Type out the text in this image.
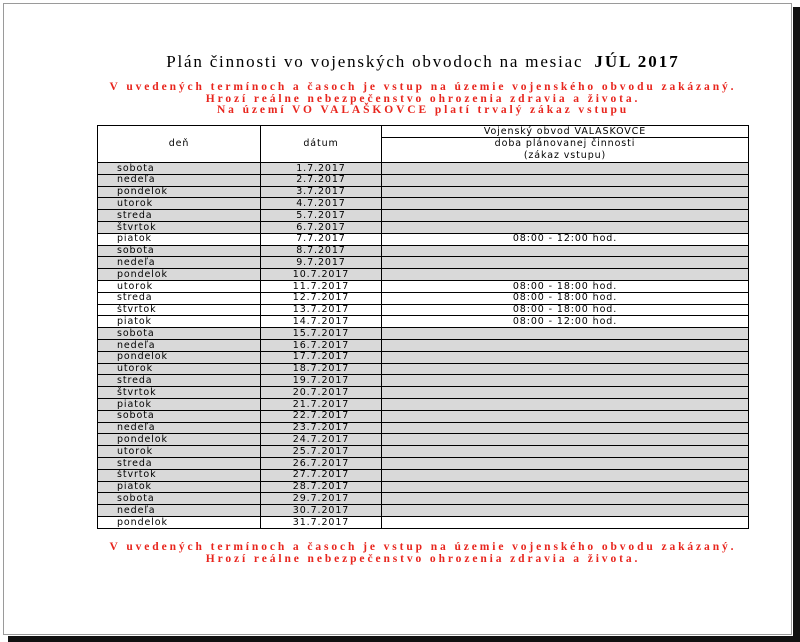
Plán činnosti vo vojenských obvodoch na mesiac JÚL 2017
V uvedených termínoch a časoch je vstup na územie vojenského obvodu zakázaný.
Hrozí reálne nebezpečenstvo ohrozenia zdravia a života.
Na území VO VALAŠKOVCE platí trvalý zákaz vstupu
deň	dátum
Vojenský obvod VALAŠKOVCE
doba plánovanej činnosti
(zákaz vstupu)
sobota	1.7.2017
nedeľa	2.7.2017
pondelok	3.7.2017
utorok	4.7.2017
streda	5.7.2017
štvrtok	6.7.2017
piatok	7.7.2017	08:00 - 12:00 hod.
sobota	8.7.2017
nedeľa	9.7.2017
pondelok	10.7.2017
utorok	11.7.2017	08:00 - 18:00 hod.
streda	12.7.2017	08:00 - 18:00 hod.
štvrtok	13.7.2017	08:00 - 18:00 hod.
piatok	14.7.2017	08:00 - 12:00 hod.
sobota	15.7.2017
nedeľa	16.7.2017
pondelok	17.7.2017
utorok	18.7.2017
streda	19.7.2017
štvrtok	20.7.2017
piatok	21.7.2017
sobota	22.7.2017
nedeľa	23.7.2017
pondelok	24.7.2017
utorok	25.7.2017
streda	26.7.2017
štvrtok	27.7.2017
piatok	28.7.2017
sobota	29.7.2017
nedeľa	30.7.2017
pondelok	31.7.2017
V uvedených termínoch a časoch je vstup na územie vojenského obvodu zakázaný.
Hrozí reálne nebezpečenstvo ohrozenia zdravia a života.
